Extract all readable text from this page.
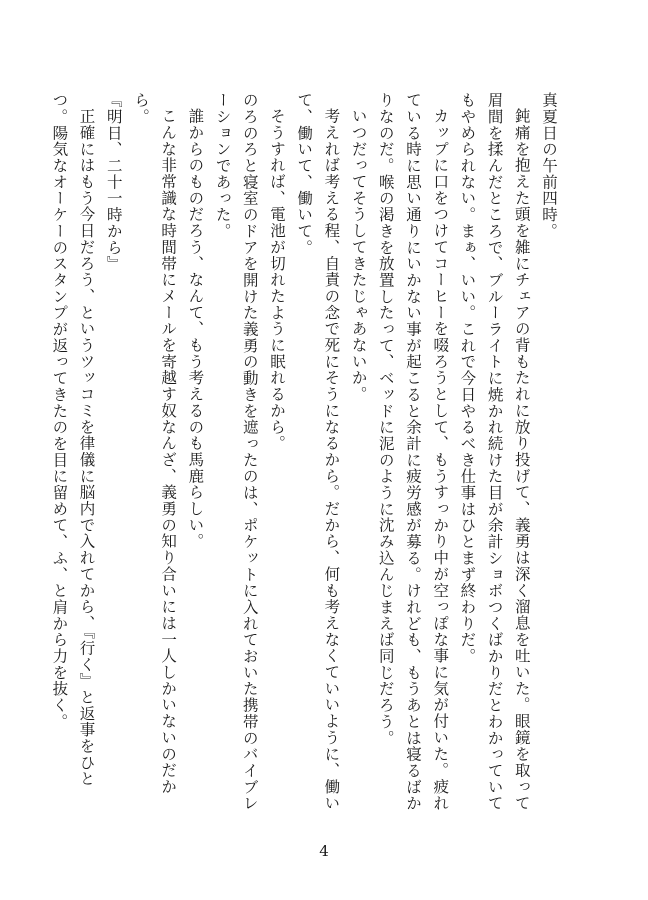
真夏日の午前四時。

鈍痛を抱えた頭を雑にチェアの背もたれに放り投げて、義勇は深く溜息を吐いた。眼鏡を取って眉間を揉んだところで、ブルーライトに焼かれ続けた目が余計ショボつくばかりだとわかっていてもやめられない。まぁ、いい。これで今日やるべき仕事はひとまず終わりだ。

カップに口をつけてコーヒーを啜ろうとして、もうすっかり中が空っぽな事に気が付いた。疲れている時に思い通りにいかない事が起こると余計に疲労感が募る。けれども、もうあとは寝るばかりなのだ。喉の渇きを放置したって、ベッドに泥のように沈み込んじまえば同じだろう。

いつだってそうしてきたじゃあないか。

考えれば考える程、自責の念で死にそうになるから。だから、何も考えなくていいように、働いて、働いて、働いて。

そうすれば、電池が切れたように眠れるから。

のろのろと寝室のドアを開けた義勇の動きを遮ったのは、ポケットに入れておいた携帯のバイブレーションであった。

誰からのものだろう、なんて、もう考えるのも馬鹿らしい。

こんな非常識な時間帯にメールを寄越す奴なんざ、義勇の知り合いには一人しかいないのだから。

『明日、二十一時から』

正確にはもう今日だろう、というツッコミを律儀に脳内で入れてから、『行く』と返事をひとつ。陽気なオーケーのスタンプが返ってきたのを目に留めて、ふ、と肩から力を抜く。

4
